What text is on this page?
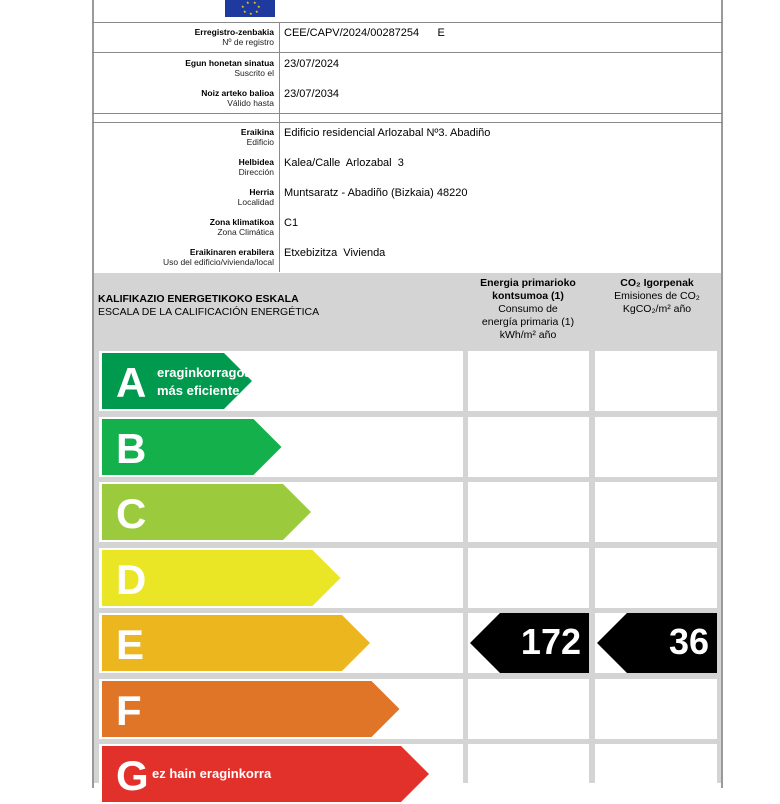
★ ★
★	★
★ ★
★
Erregistro-zenbakia
Nº de registro
CEE/CAPV/2024/00287254      E
Egun honetan sinatua
Suscrito el
23/07/2024
Noiz arteko balioa
Válido hasta
23/07/2034
Eraikina
Edificio
Edificio residencial Arlozabal Nº3. Abadiño
Helbidea
Dirección
Kalea/Calle  Arlozabal  3
Herria
Localidad
Muntsaratz - Abadiño (Bizkaia) 48220
Zona klimatikoa
Zona Climática
C1
Eraikinaren erabilera
Uso del edificio/vivienda/local
Etxebizitza  Vivienda
KALIFIKAZIO ENERGETIKOKO ESKALA
ESCALA DE LA CALIFICACIÓN ENERGÉTICA
Energia primarioko
kontsumoa (1)
Consumo de
energía primaria (1)
kWh/m² año
CO₂ Igorpenak
Emisiones de CO₂
KgCO₂/m² año
A eraginkorragoa
más eficiente
B
C
D
E	172 36
F
G ez hain eraginkorra
